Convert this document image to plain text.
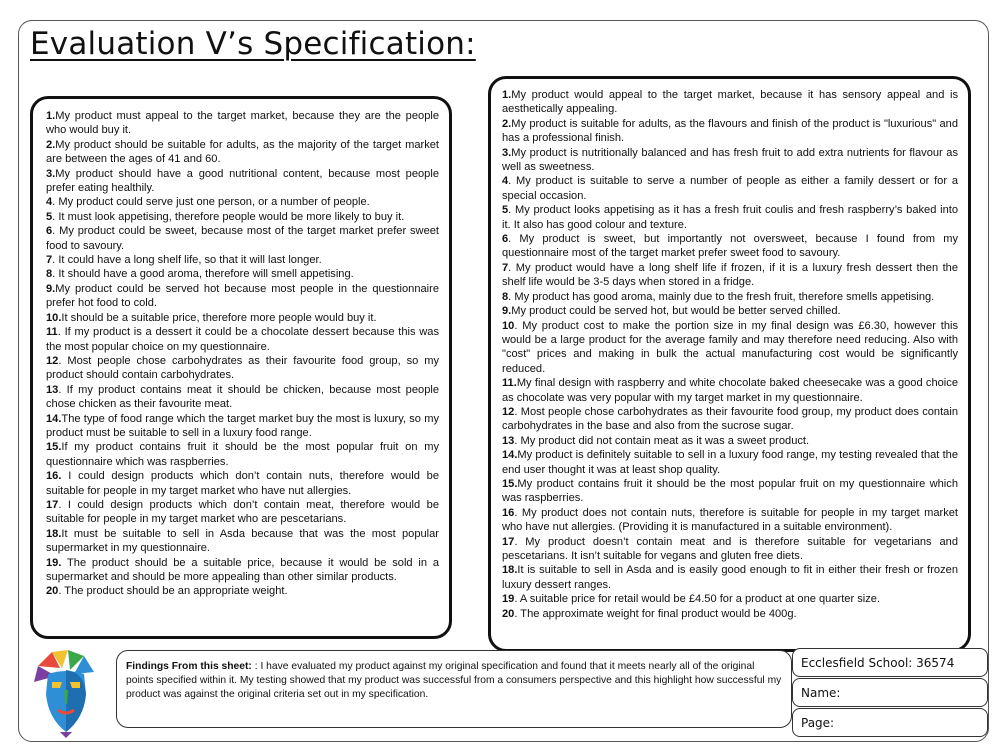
Evaluation V’s Specification:

1.My product must appeal to the target market, because they are the people who would buy it.

2.My product should be suitable for adults, as the majority of the target market are between the ages of 41 and 60.

3.My product should have a good nutritional content, because most people prefer eating healthily.

4. My product could serve just one person, or a number of people.

5. It must look appetising, therefore people would be more likely to buy it.

6. My product could be sweet, because most of the target market prefer sweet food to savoury.

7. It could have a long shelf life, so that it will last longer.

8. It should have a good aroma, therefore will smell appetising.

9.My product could be served hot because most people in the questionnaire prefer hot food to cold.

10.It should be a suitable price, therefore more people would buy it.

11. If my product is a dessert it could be a chocolate dessert because this was the most popular choice on my questionnaire.

12. Most people chose carbohydrates as their favourite food group, so my product should contain carbohydrates.

13. If my product contains meat it should be chicken, because most people chose chicken as their favourite meat.

14.The type of food range which the target market buy the most is luxury, so my product must be suitable to sell in a luxury food range.

15.If my product contains fruit it should be the most popular fruit on my questionnaire which was raspberries.

16. I could design products which don’t contain nuts, therefore would be suitable for people in my target market who have nut allergies.

17. I could design products which don’t contain meat, therefore would be suitable for people in my target market who are pescetarians.

18.It must be suitable to sell in Asda because that was the most popular supermarket in my questionnaire.

19. The product should be a suitable price, because it would be sold in a supermarket and should be more appealing than other similar products.

20. The product should be an appropriate weight.

1.My product would appeal to the target market, because it has sensory appeal and is aesthetically appealing.

2.My product is suitable for adults, as the flavours and finish of the product is "luxurious" and has a professional finish.

3.My product is nutritionally balanced and has fresh fruit to add extra nutrients for flavour as well as sweetness.

4. My product is suitable to serve a number of people as either a family dessert or for a special occasion.

5. My product looks appetising as it has a fresh fruit coulis and fresh raspberry’s baked into it. It also has good colour and texture.

6. My product is sweet, but importantly not oversweet, because I found from my questionnaire most of the target market prefer sweet food to savoury.

7. My product would have a long shelf life if frozen, if it is a luxury fresh dessert then the shelf life would be 3-5 days when stored in a fridge.

8. My product has good aroma, mainly due to the fresh fruit, therefore smells appetising.

9.My product could be served hot, but would be better served chilled.

10. My product cost to make the portion size in my final design was £6.30, however this would be a large product for the average family and may therefore need reducing. Also with "cost" prices and making in bulk the actual manufacturing cost would be significantly reduced.

11.My final design with raspberry and white chocolate baked cheesecake was a good choice as chocolate was very popular with my target market in my questionnaire.

12. Most people chose carbohydrates as their favourite food group, my product does contain carbohydrates in the base and also from the sucrose sugar.

13. My product did not contain meat as it was a sweet product.

14.My product is definitely suitable to sell in a luxury food range, my testing revealed that the end user thought it was at least shop quality.

15.My product contains fruit it should be the most popular fruit on my questionnaire which was raspberries.

16. My product does not contain nuts, therefore is suitable for people in my target market who have nut allergies. (Providing it is manufactured in a suitable environment).

17. My product doesn’t contain meat and is therefore suitable for vegetarians and pescetarians. It isn’t suitable for vegans and gluten free diets.

18.It is suitable to sell in Asda and is easily good enough to fit in either their fresh or frozen luxury dessert ranges.

19. A suitable price for retail would be £4.50 for a product at one quarter size.

20. The approximate weight for final product would be 400g.

Findings From this sheet: : I have evaluated my product against my original specification and found that it meets nearly all of the original points specified within it. My testing showed that my product was successful from a consumers perspective and this highlight how successful my product was against the original criteria set out in my specification.
Ecclesfield School: 36574
Name:
Page:
